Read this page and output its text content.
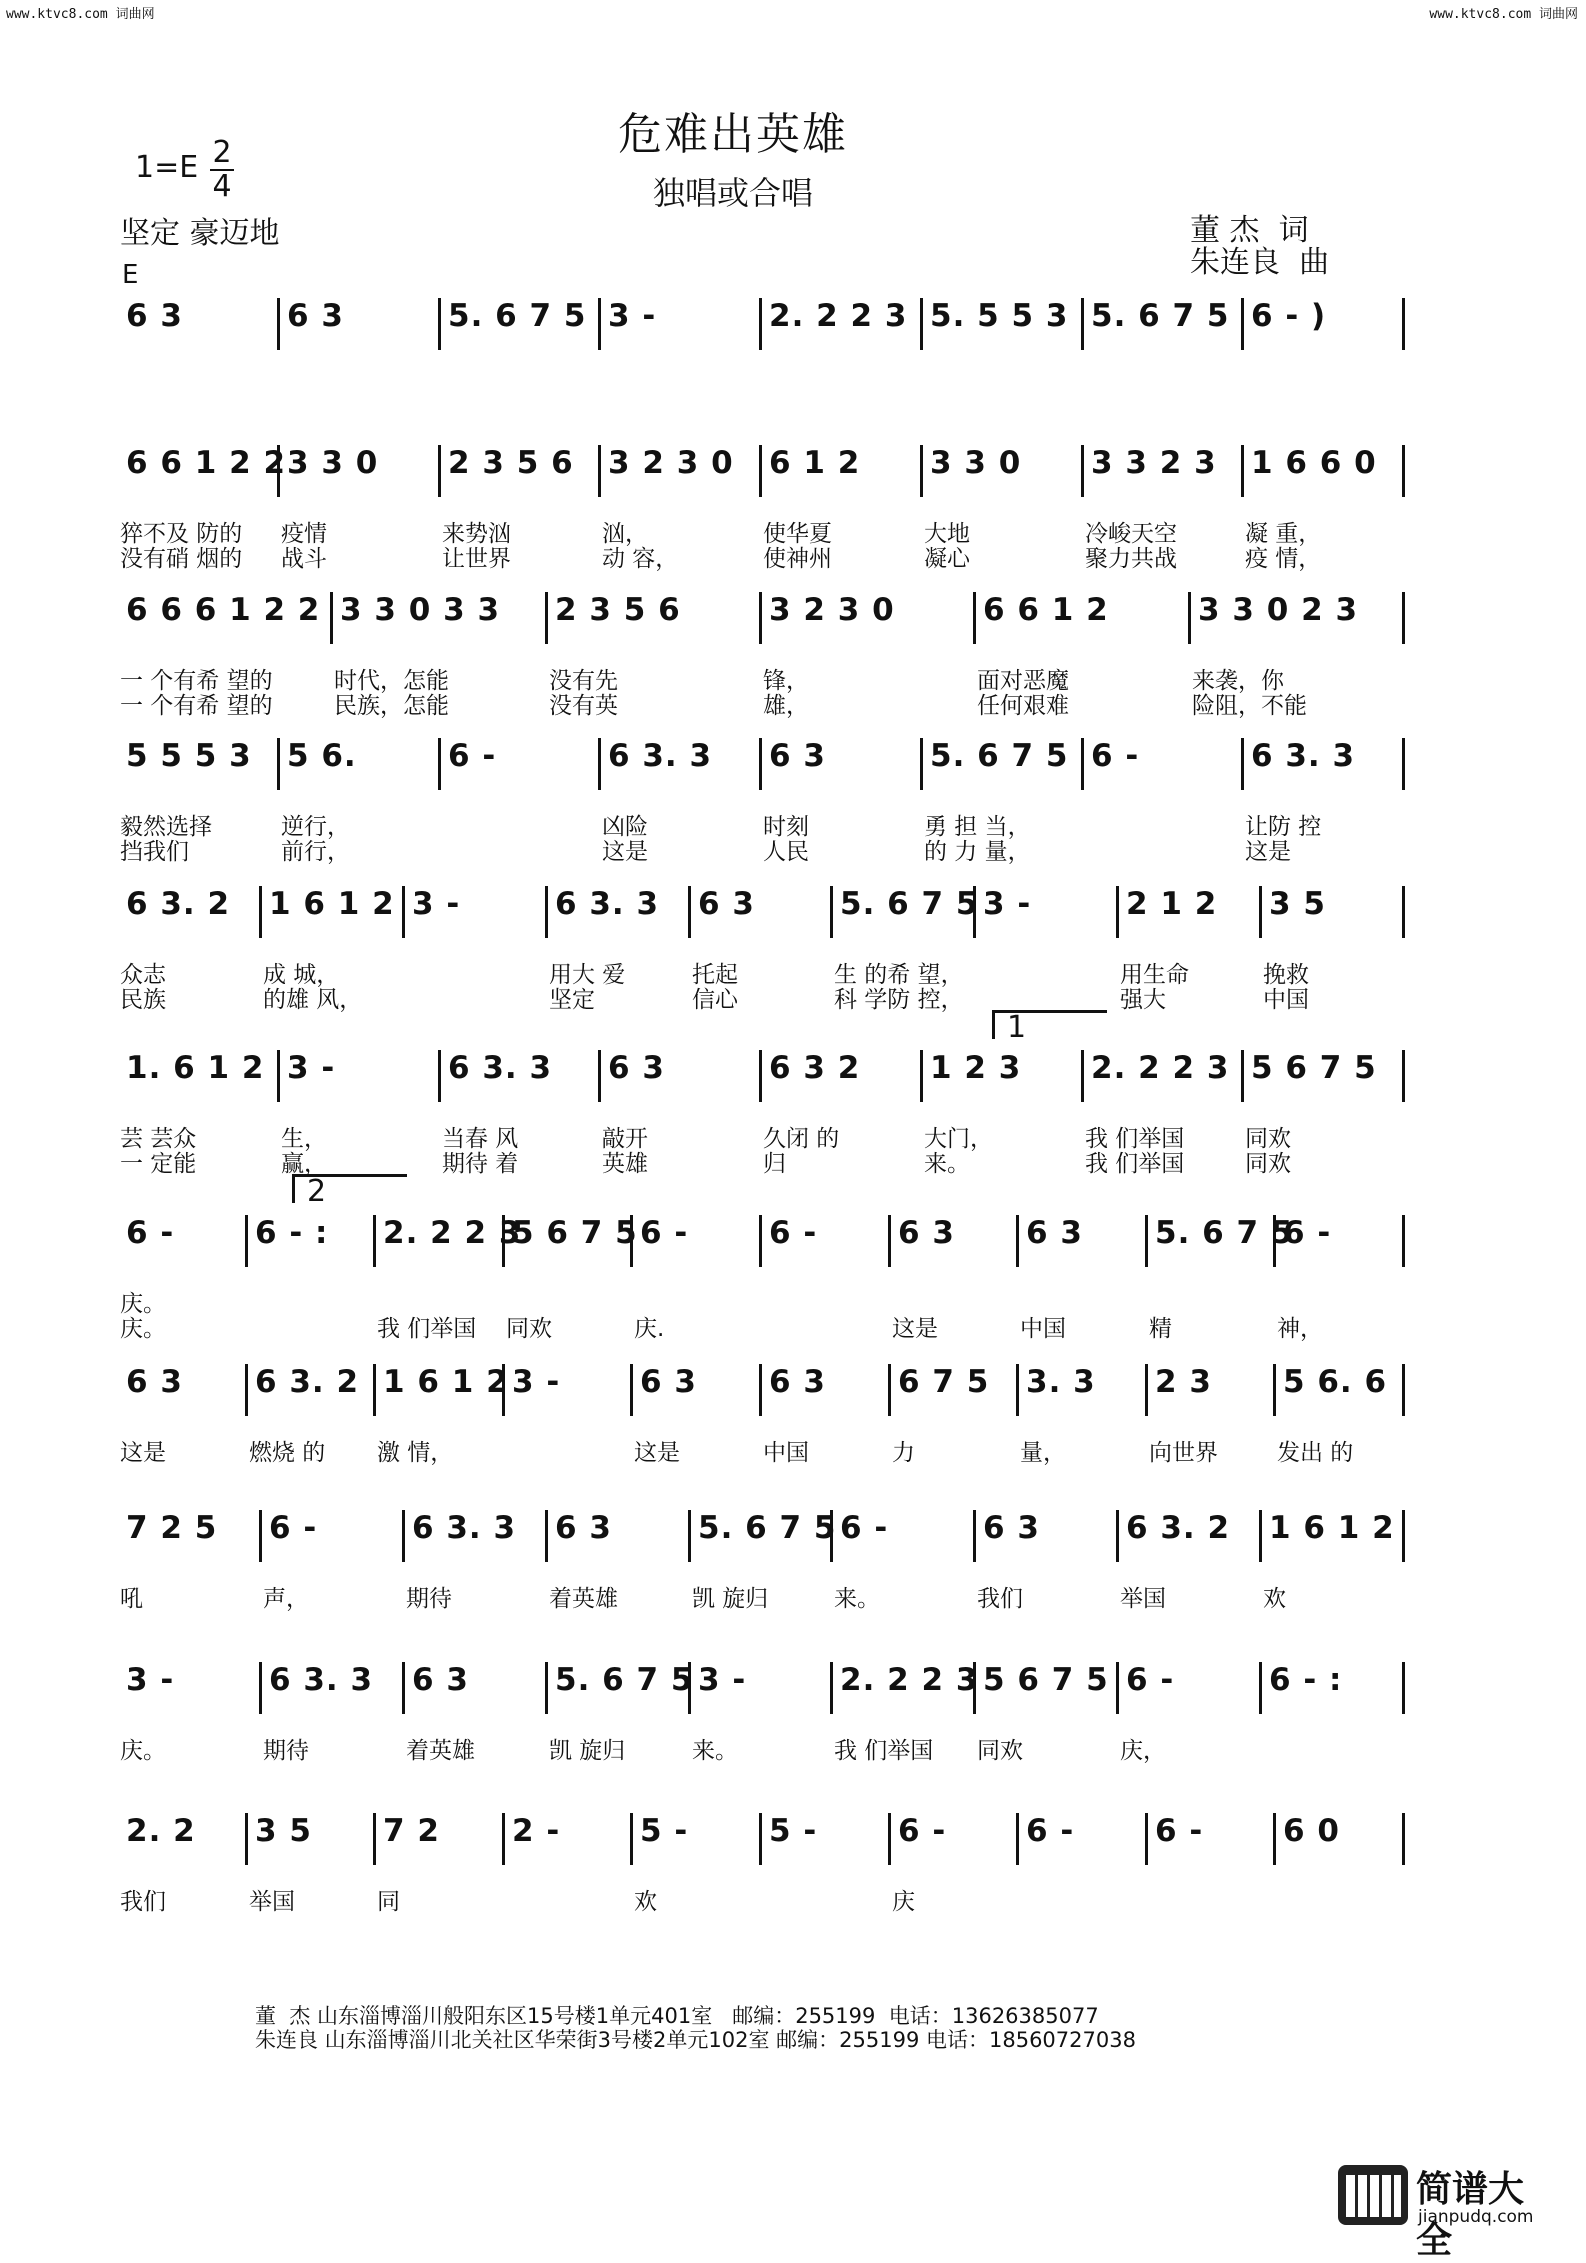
www.ktvc8.com 词曲网	www.ktvc8.com 词曲网
危难出英雄
独唱或合唱
1=E 2
4
坚定 豪迈地	董 杰  词
朱连良  曲
E
6 3	6 3	5. 6 7 5 3 -	2. 2 2 3 5. 5 5 3 5. 6 7 5 6 - )
6 6 1 2 2 3 3 0 2 3 5 6 3 2 3 0 6 1 2 3 3 0 3 3 2 3 1 6 6 0
猝不及 防的 疫情	来势汹	汹，	使华夏	大地	冷峻天空	凝 重，
没有硝 烟的 战斗	让世界	动 容，	使神州	凝心	聚力共战	疫 情，
6 6 6 1 2 2 3 3 0 3 3 2 3 5 6	3 2 3 0	6 6 1 2	3 3 0 2 3
一 个有希 望的	时代，怎能	没有先	锋，	面对恶魔	来袭，你
一 个有希 望的	民族，怎能	没有英	雄，	任何艰难	险阻，不能
5 5 5 3 5 6.	6 -	6 3. 3 6 3	5. 6 7 5 6 -	6 3. 3
毅然选择	逆行，	凶险	时刻	勇 担 当，	让防 控
挡我们	前行，	这是	人民	的 力 量，	这是
6 3. 2 1 6 1 2 3 -	6 3. 3 6 3	5. 6 7 5 3 -	2 1 2 3 5
众志	成 城，	用大 爱	托起	生 的希 望，	用生命	挽救
民族	的雄 风，	坚定	信心	科 学防 控，	强大	中国
1. 6 1 2 3 -	6 3. 3 6 3	6 3 2 1 2 3 2. 2 2 3 5 6 7 5
芸 芸众	生，	当春 风	敲开	久闭 的	大门，	我 们举国	同欢
一 定能	赢，	期待 着	英雄	归	来。	我 们举国	同欢
6 -	6 - : 2. 2 2 3
5 6 7 5 6 -	6 -	6 3 6 3 5. 6 7 5
6 -
庆。
庆。	我 们举国 同欢	庆.	这是	中国	精	神，
6 3 6 3. 2 1 6 1 2 3 -	6 3 6 3 6 7 5 3. 3 2 3 5 6. 6
这是	燃烧 的 激 情，	这是	中国	力	量，	向世界	发出 的
7 2 5 6 -	6 3. 3 6 3	5. 6 7 5 6 -	6 3	6 3. 2 1 6 1 2
吼	声，	期待	着英雄	凯 旋归	来。	我们	举国	欢
3 -	6 3. 3 6 3	5. 6 7 5 3 -	2. 2 2 3 5 6 7 5 6 -	6 - :
庆。	期待	着英雄	凯 旋归	来。	我 们举国 同欢	庆，
2. 2 3 5 7 2 2 -	5 -	5 -	6 -	6 -	6 -	6 0
我们	举国	同	欢	庆
1
2
董  杰 山东淄博淄川般阳东区15号楼1单元401室   邮编：255199  电话：13626385077
朱连良 山东淄博淄川北关社区华荣街3号楼2单元102室 邮编：255199 电话：18560727038
简谱大全
jianpudq.com
